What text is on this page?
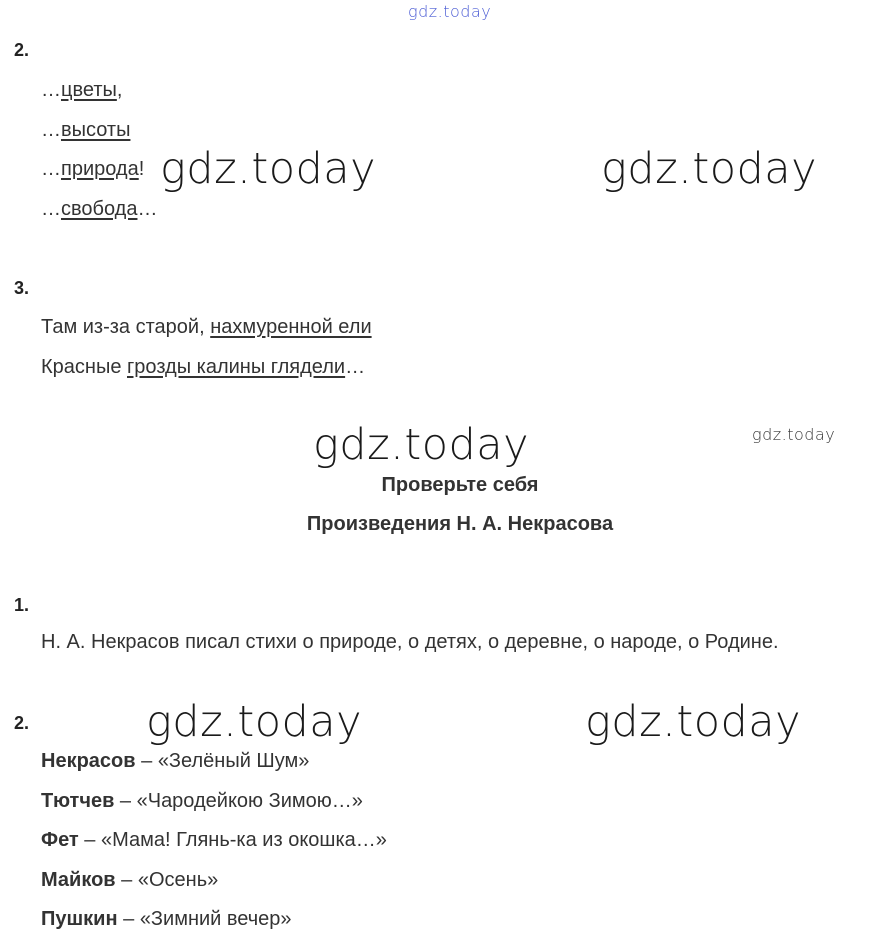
gdz.today
2.
…цветы,
…высоты
…природа!
…свобода…
gdz.today	gdz.today
3.
Там из-за старой, нахмуренной ели
Красные грозды калины глядели…
gdz.today	gdz.today
Проверьте себя
Произведения Н. А. Некрасова
1.
Н. А. Некрасов писал стихи о природе, о детях, о деревне, о народе, о Родине.
2.	gdz.today	gdz.today
Некрасов – «Зелёный Шум»
Тютчев – «Чародейкою Зимою…»
Фет – «Мама! Глянь-ка из окошка…»
Майков – «Осень»
Пушкин – «Зимний вечер»
